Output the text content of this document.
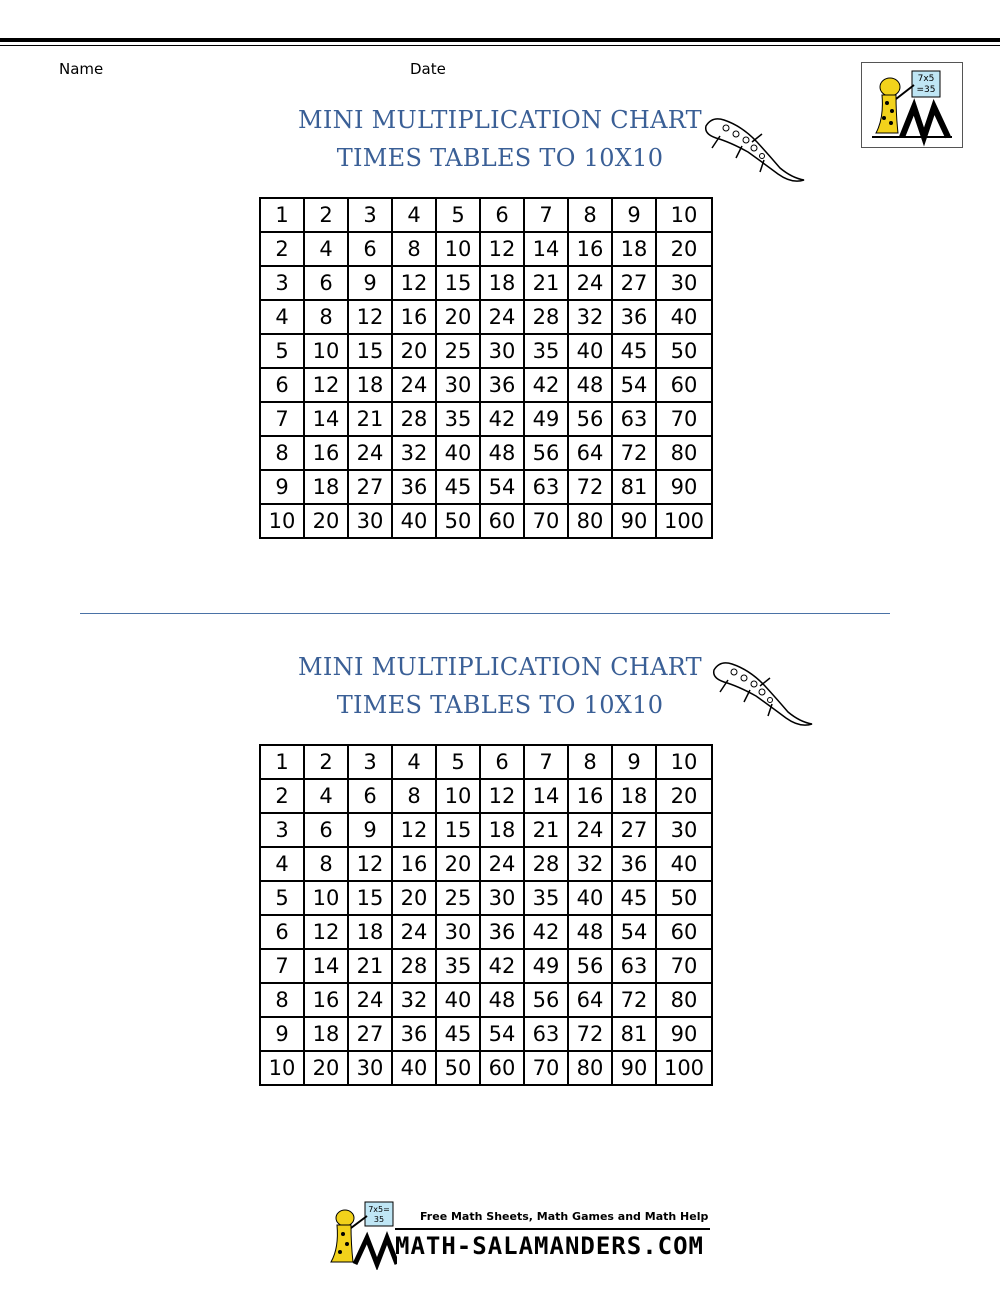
Name	Date
7x5
=35
MINI MULTIPLICATION CHART
TIMES TABLES TO 10X10
1	2	3	4	5	6	7	8	9	10
2	4	6	8	10	12	14	16	18	20
3	6	9	12	15	18	21	24	27	30
4	8	12	16	20	24	28	32	36	40
5	10	15	20	25	30	35	40	45	50
6	12	18	24	30	36	42	48	54	60
7	14	21	28	35	42	49	56	63	70
8	16	24	32	40	48	56	64	72	80
9	18	27	36	45	54	63	72	81	90
10	20	30	40	50	60	70	80	90	100
MINI MULTIPLICATION CHART
TIMES TABLES TO 10X10
1	2	3	4	5	6	7	8	9	10
2	4	6	8	10	12	14	16	18	20
3	6	9	12	15	18	21	24	27	30
4	8	12	16	20	24	28	32	36	40
5	10	15	20	25	30	35	40	45	50
6	12	18	24	30	36	42	48	54	60
7	14	21	28	35	42	49	56	63	70
8	16	24	32	40	48	56	64	72	80
9	18	27	36	45	54	63	72	81	90
10	20	30	40	50	60	70	80	90	100
7x5=
35	Free Math Sheets, Math Games and Math Help
MATH-SALAMANDERS.COM
